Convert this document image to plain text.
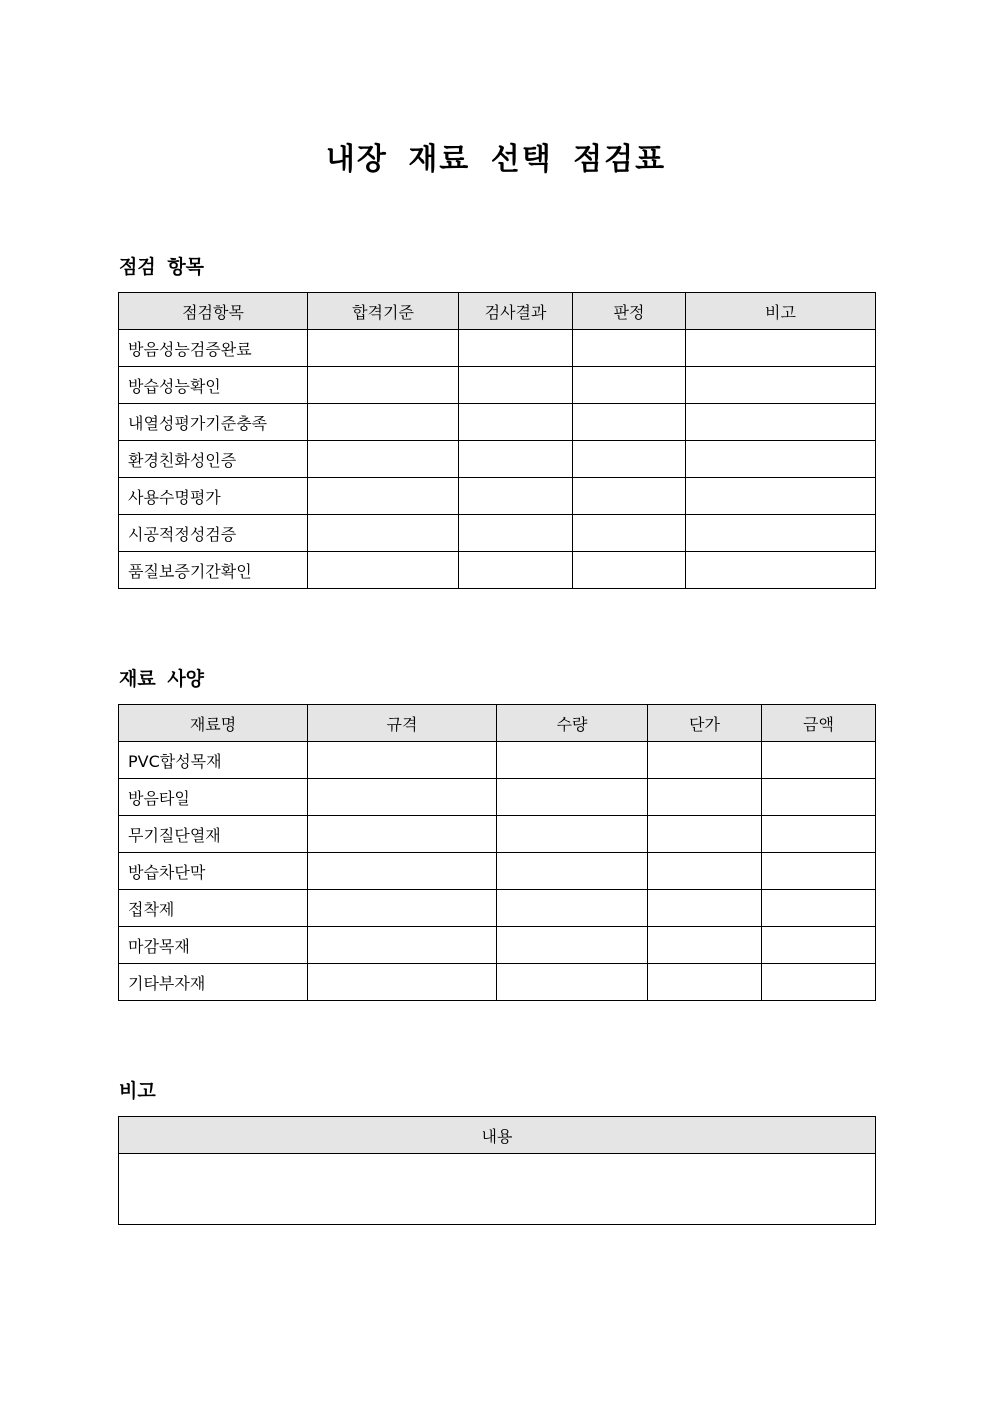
내장 재료 선택 점검표
점검 항목
점검항목	합격기준	검사결과	판정	비고
방음성능검증완료				
방습성능확인				
내열성평가기준충족				
환경친화성인증				
사용수명평가				
시공적정성검증				
품질보증기간확인				
재료 사양
재료명	규격	수량	단가	금액
PVC합성목재				
방음타일				
무기질단열재				
방습차단막				
접착제				
마감목재				
기타부자재				
비고
내용
